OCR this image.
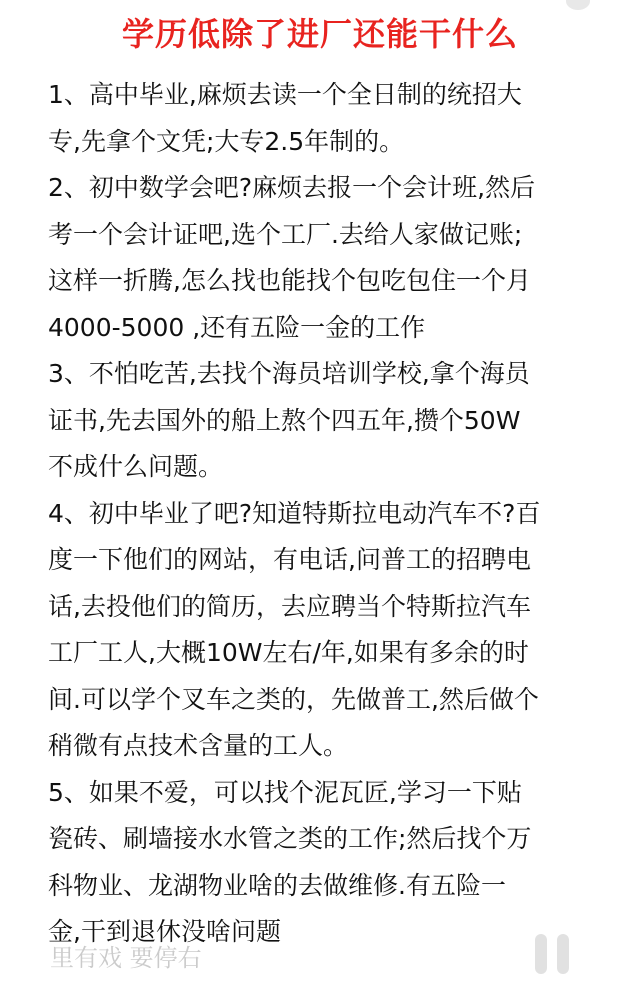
学历低除了进厂还能干什么
1、高中毕业,麻烦去读一个全日制的统招大
专,先拿个文凭;大专2.5年制的。
2、初中数学会吧?麻烦去报一个会计班,然后
考一个会计证吧,选个工厂.去给人家做记账;
这样一折腾,怎么找也能找个包吃包住一个月
4000-5000 ,还有五险一金的工作
3、不怕吃苦,去找个海员培训学校,拿个海员
证书,先去国外的船上熬个四五年,攒个50W
不成什么问题。
4、初中毕业了吧?知道特斯拉电动汽车不?百
度一下他们的网站，有电话,问普工的招聘电
话,去投他们的简历，去应聘当个特斯拉汽车
工厂工人,大概10W左右/年,如果有多余的时
间.可以学个叉车之类的，先做普工,然后做个
稍微有点技术含量的工人。
5、如果不爱，可以找个泥瓦匠,学习一下贴
瓷砖、刷墙接水水管之类的工作;然后找个万
科物业、龙湖物业啥的去做维修.有五险一
金,干到退休没啥问题
里有戏 要停右
